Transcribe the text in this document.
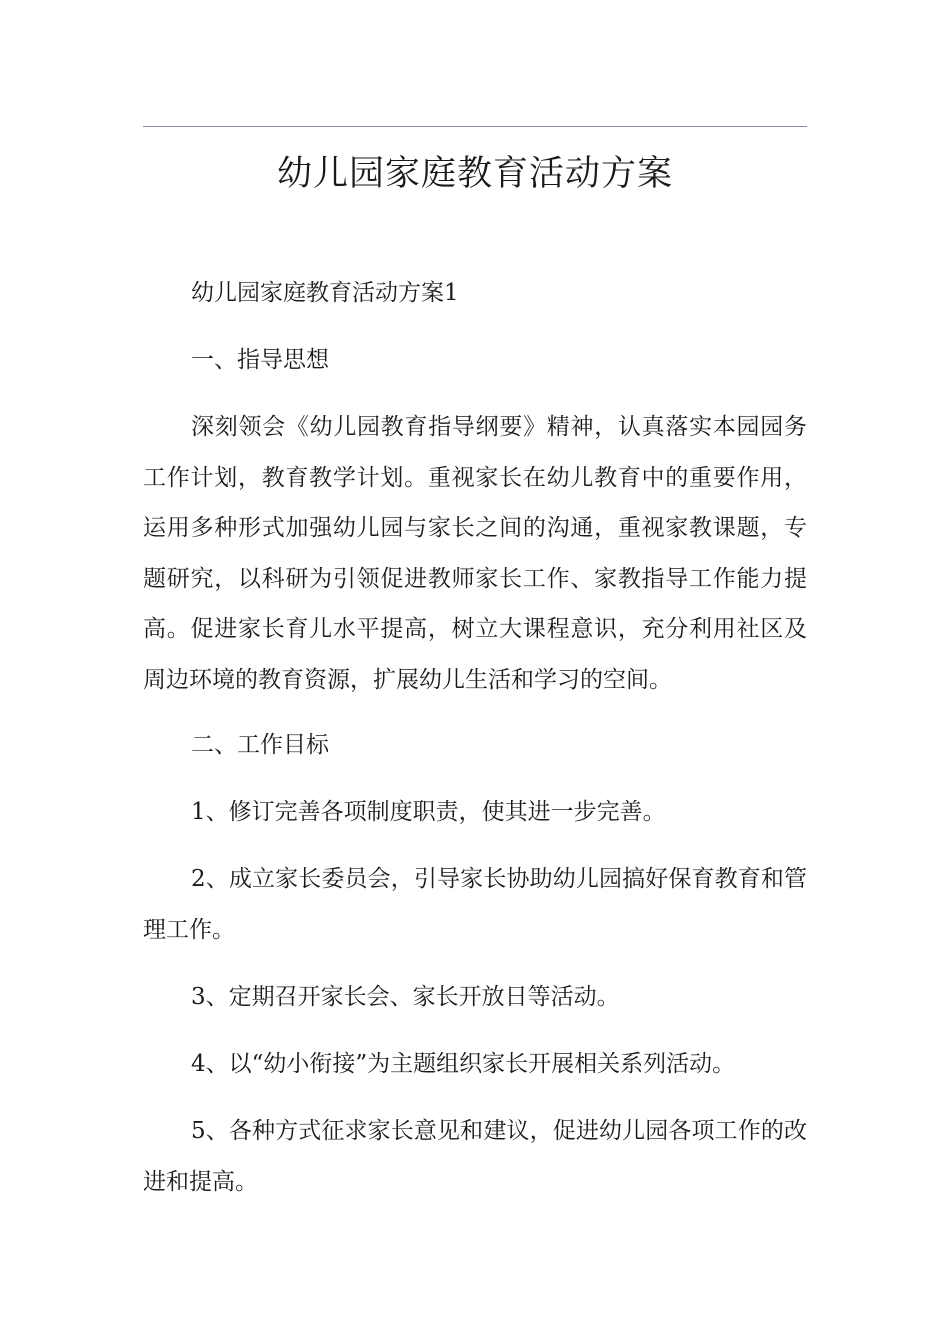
幼儿园家庭教育活动方案

幼儿园家庭教育活动方案1

一、指导思想

深刻领会《幼儿园教育指导纲要》精神，认真落实本园园务工作计划，教育教学计划。重视家长在幼儿教育中的重要作用，运用多种形式加强幼儿园与家长之间的沟通，重视家教课题，专题研究，以科研为引领促进教师家长工作、家教指导工作能力提高。促进家长育儿水平提高，树立大课程意识，充分利用社区及周边环境的教育资源，扩展幼儿生活和学习的空间。

二、工作目标

1、修订完善各项制度职责，使其进一步完善。

2、成立家长委员会，引导家长协助幼儿园搞好保育教育和管理工作。

3、定期召开家长会、家长开放日等活动。

4、以“幼小衔接”为主题组织家长开展相关系列活动。

5、各种方式征求家长意见和建议，促进幼儿园各项工作的改进和提高。
